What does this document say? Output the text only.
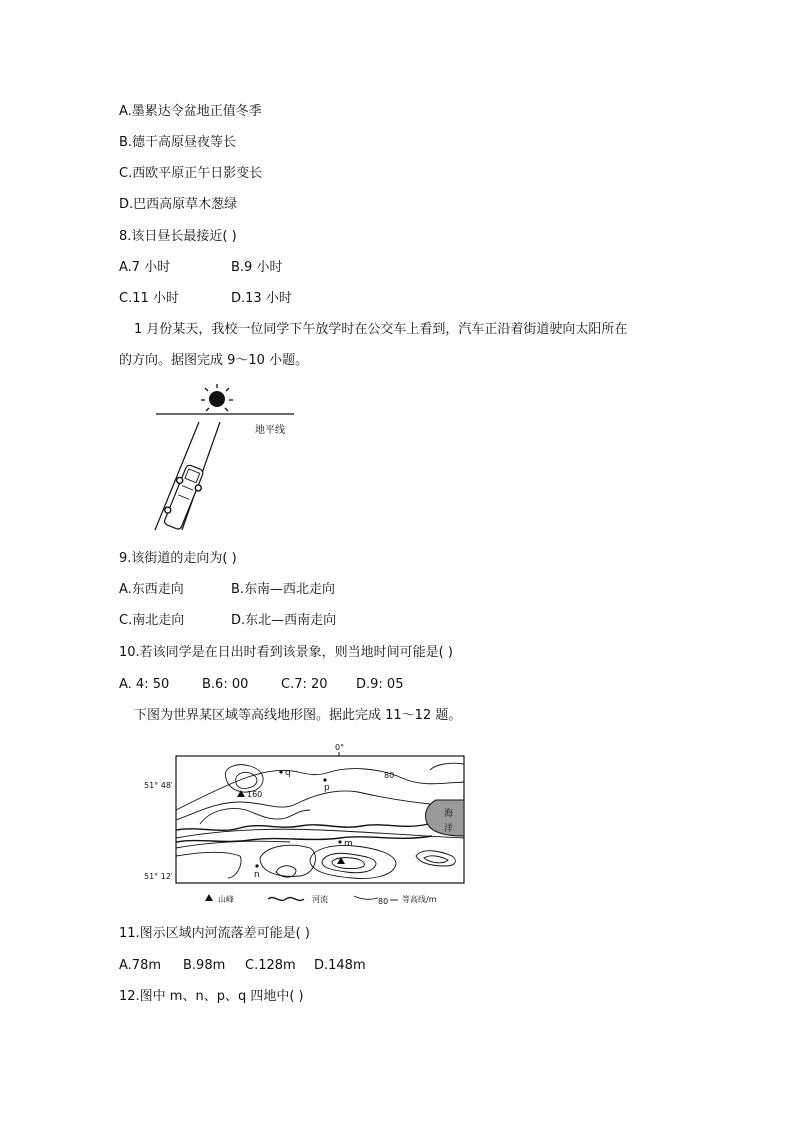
A.墨累达令盆地正值冬季
B.德干高原昼夜等长
C.西欧平原正午日影变长
D.巴西高原草木葱绿
8.该日昼长最接近( )
A.7 小时	B.9 小时
C.11 小时	D.13 小时
1 月份某天，我校一位同学下午放学时在公交车上看到，汽车正沿着街道驶向太阳所在
的方向。据图完成 9～10 小题。
地平线
9.该街道的走向为( )
A.东西走向	B.东南—西北走向
C.南北走向	D.东北—西南走向
10.若该同学是在日出时看到该景象，则当地时间可能是( )
A. 4: 50	B.6: 00	C.7: 20 D.9: 05
下图为世界某区域等高线地形图。据此完成 11～12 题。
0°
51° 48′
51° 12′
海
洋
80
160
q
p
m
n
山峰	河流	80 等高线/m
11.图示区域内河流落差可能是( )
A.78m B.98m C.128m D.148m
12.图中 m、n、p、q 四地中( )
